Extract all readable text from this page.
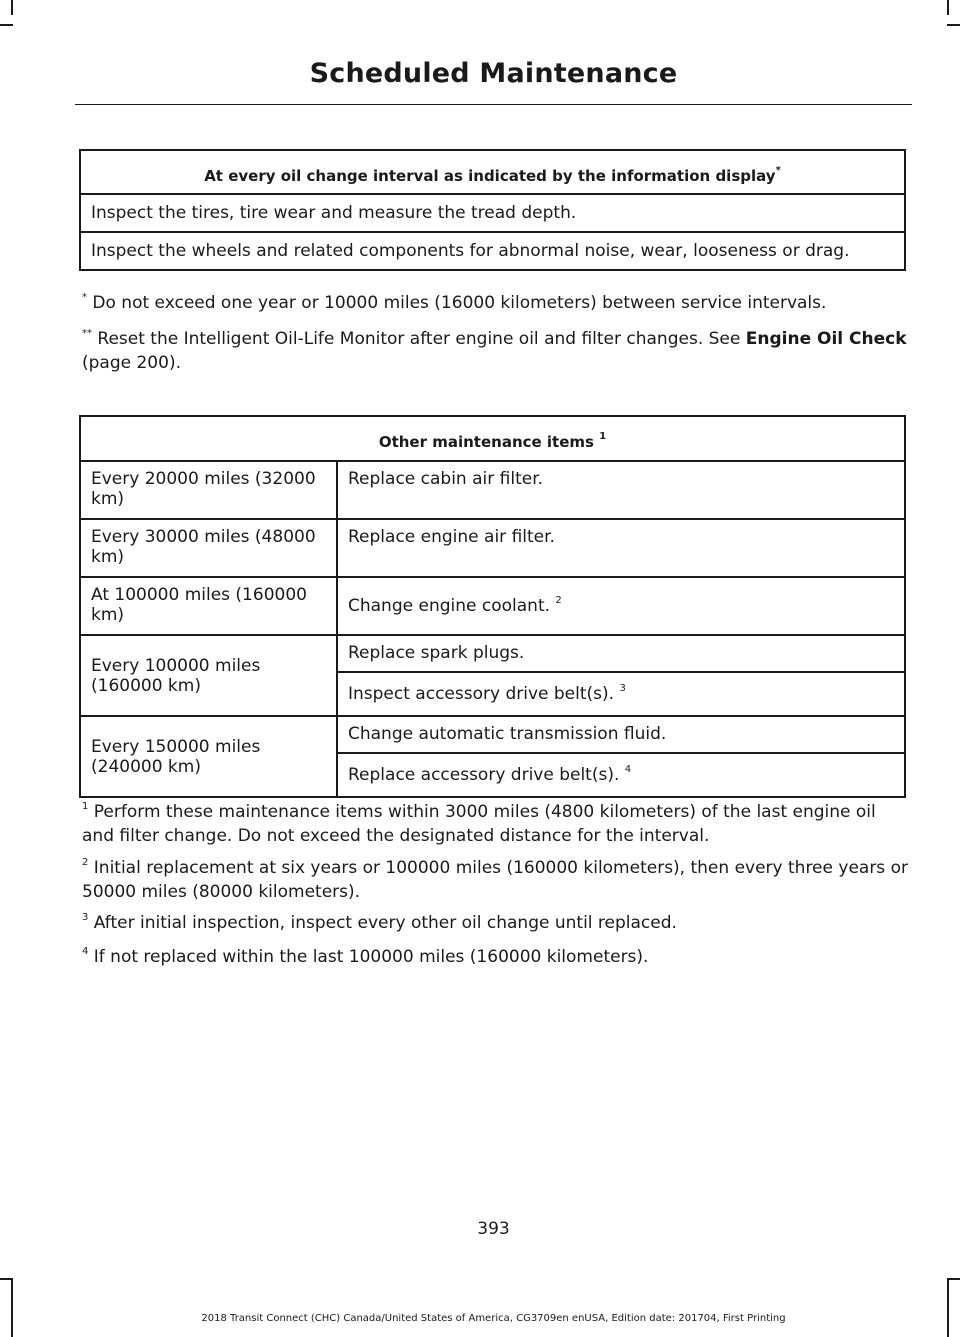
Scheduled Maintenance
At every oil change interval as indicated by the information display*
Inspect the tires, tire wear and measure the tread depth.
Inspect the wheels and related components for abnormal noise, wear, looseness or drag.

* Do not exceed one year or 10000 miles (16000 kilometers) between service intervals.

** Reset the Intelligent Oil-Life Monitor after engine oil and filter changes. See Engine Oil Check (page 200).

Other maintenance items $^1$
Every 20000 miles (32000 km)	Replace cabin air filter.
Every 30000 miles (48000 km)	Replace engine air filter.
At 100000 miles (160000 km)	Change engine coolant. $^2$
Every 100000 miles (160000 km)	Replace spark plugs.
	Inspect accessory drive belt(s). $^3$
Every 150000 miles (240000 km)	Change automatic transmission fluid.
	Replace accessory drive belt(s). $^4$

$^1$ Perform these maintenance items within 3000 miles (4800 kilometers) of the last engine oil and filter change. Do not exceed the designated distance for the interval.

$^2$ Initial replacement at six years or 100000 miles (160000 kilometers), then every three years or 50000 miles (80000 kilometers).

$^3$ After initial inspection, inspect every other oil change until replaced.

$^4$ If not replaced within the last 100000 miles (160000 kilometers).

393
2018 Transit Connect (CHC) Canada/United States of America, CG3709en enUSA, Edition date: 201704, First Printing
